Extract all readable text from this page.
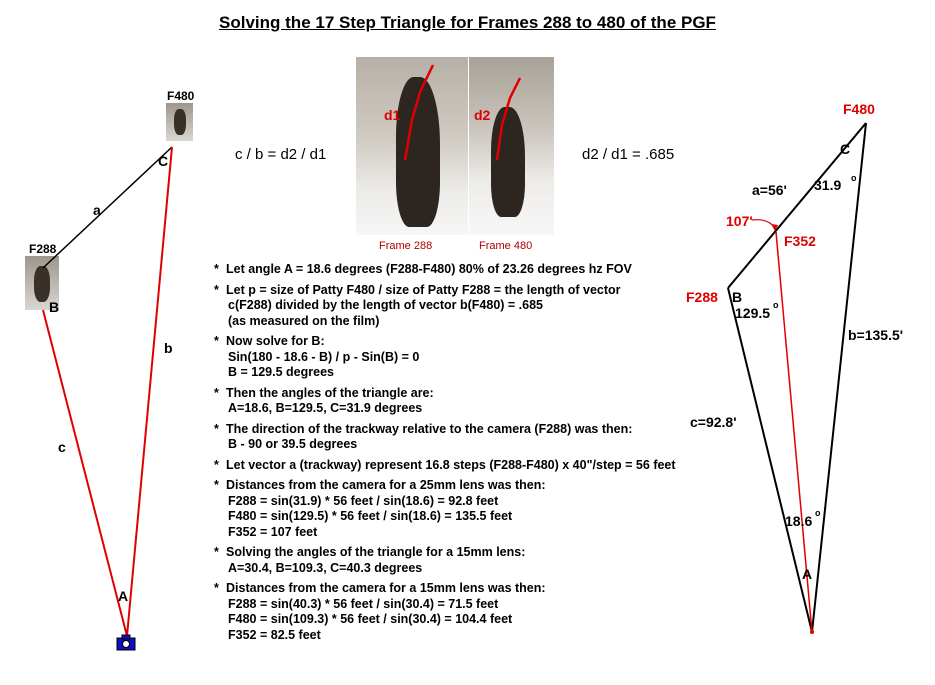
Solving the 17 Step Triangle for Frames 288 to 480 of the PGF
F480
F288
C
B
A
a
b
c
d1	d2
Frame 288	Frame 480
c / b = d2 / d1	d2 / d1 = .685
F480
C
31.9 o
a=56'
107'
F352
F288 B
129.5 o
b=135.5'
c=92.8'
18.6 o
A
* Let angle A = 18.6 degrees (F288-F480) 80% of 23.26 degrees hz FOV
* Let p = size of Patty F480 / size of Patty F288 = the length of vector
c(F288) divided by the length of vector b(F480) = .685
(as measured on the film)
* Now solve for B:
Sin(180 - 18.6 - B) / p - Sin(B) = 0
B = 129.5 degrees
* Then the angles of the triangle are:
A=18.6, B=129.5, C=31.9 degrees
* The direction of the trackway relative to the camera (F288) was then:
B - 90 or 39.5 degrees
* Let vector a (trackway) represent 16.8 steps (F288-F480) x 40"/step = 56 feet
* Distances from the camera for a 25mm lens was then:
F288 = sin(31.9) * 56 feet / sin(18.6) = 92.8 feet
F480 = sin(129.5) * 56 feet / sin(18.6) = 135.5 feet
F352 = 107 feet
* Solving the angles of the triangle for a 15mm lens:
A=30.4, B=109.3, C=40.3 degrees
* Distances from the camera for a 15mm lens was then:
F288 = sin(40.3) * 56 feet / sin(30.4) = 71.5 feet
F480 = sin(109.3) * 56 feet / sin(30.4) = 104.4 feet
F352 = 82.5 feet
